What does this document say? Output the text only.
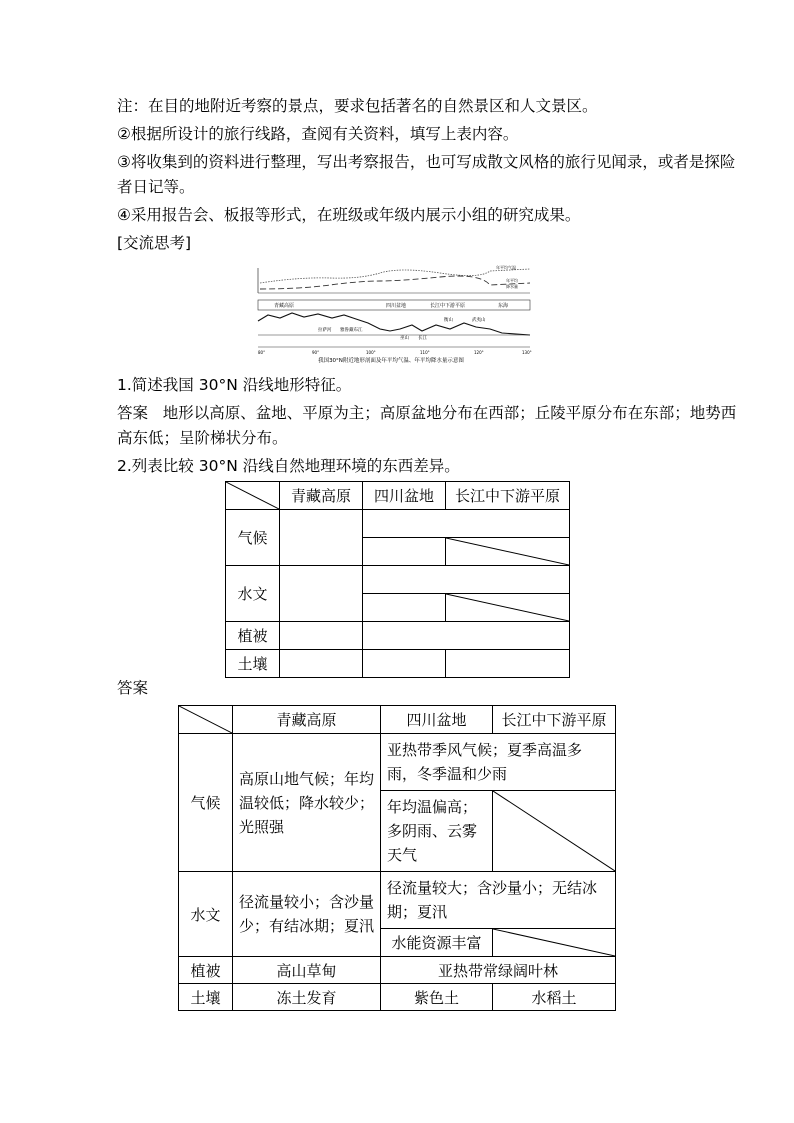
注：在目的地附近考察的景点，要求包括著名的自然景区和人文景区。
②根据所设计的旅行线路，查阅有关资料，填写上表内容。
③将收集到的资料进行整理，写出考察报告，也可写成散文风格的旅行见闻录，或者是探险
者日记等。
④采用报告会、板报等形式，在班级或年级内展示小组的研究成果。
[交流思考]
年平均气温
年平均
降水量
青藏高原	四川盆地	长江中下游平原	东海
拉萨河 雅鲁藏布江
巫山 长江
衡山	武夷山
80°	90°	100°	110°	120°	130°
我国30°N附近地形剖面及年平均气温、年平均降水量示意图
1.简述我国 30°N 沿线地形特征。
答案 地形以高原、盆地、平原为主；高原盆地分布在西部；丘陵平原分布在东部；地势西
高东低；呈阶梯状分布。
2.列表比较 30°N 沿线自然地理环境的东西差异。
	青藏高原	四川盆地	长江中下游平原
气候			

水文			

植被			
土壤			
答案
	青藏高原	四川盆地	长江中下游平原
气候	高原山地气候；年均温较低；降水较少；光照强	亚热带季风气候；夏季高温多雨，冬季温和少雨	
		年均温偏高；多阴雨、云雾天气	

水文	径流量较小；含沙量少；有结冰期；夏汛	径流量较大；含沙量小；无结冰期；夏汛	
		水能资源丰富	

植被	高山草甸	亚热带常绿阔叶林	
土壤	冻土发育	紫色土	水稻土
